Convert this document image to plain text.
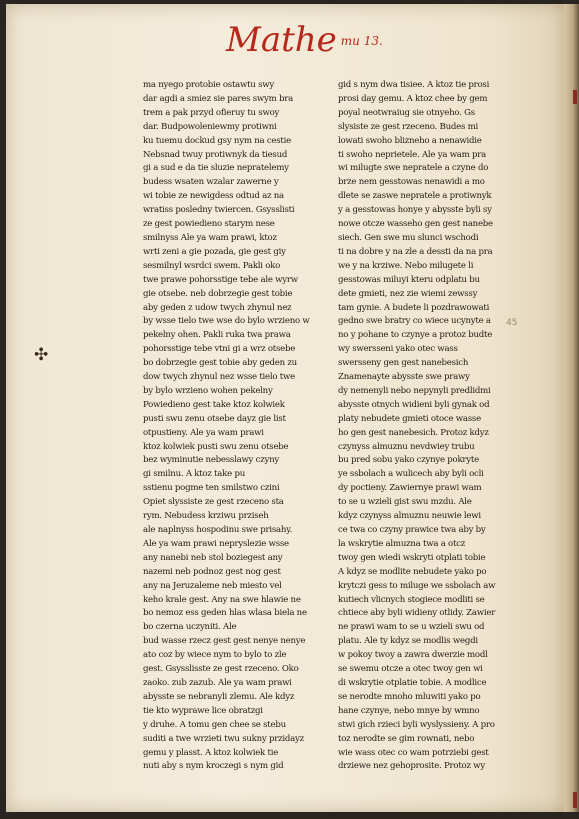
Mathe $^{mu 13.}$
✣
45

ma nyego protobie ostawtu swy

dar agdi a smiez sie pares swym bra

trem a pak przyd ofieruy tu swoy

dar. Budpowoleniewmy protiwni

ku tuemu dockud gsy nym na cestie

Nebsnad twuy protiwnyk da tiesud

gi a sud e da tie sluzie nepratelemy

budess wsaten wzalar zawerne y

wi tobie ze newigdess odtud az na

wratiss posledny twiercen. Gsysslisti

ze gest powiedieno starym nese

smilnyss Ale ya wam prawi, ktoz

wrti zeni a gie pozada, gie gest giy

sesmilnyl wsrdci swem. Pakli oko

twe prawe pohorsstige tebe ale wyrw

gie otsebe. neb dobrzegie gest tobie

aby geden z udow twych zhynul nez

by wsse tielo twe wse do bylo wrzieno w

pekelny ohen. Pakli ruka twa prawa

pohorsstige tebe vtni gi a wrz otsebe

bo dobrzegie gest tobie aby geden zu

dow twych zhynul nez wsse tielo twe

by bylo wrzieno wohen pekelny

Powiedieno gest take ktoz kolwiek

pusti swu zenu otsebe dayz gie list

otpustieny. Ale ya wam prawi

ktoz kolwiek pusti swu zenu otsebe

bez wyminutie nebesslawy czyny

gi smilnu. A ktoz take pu

sstienu pogme ten smilstwo czini

Opiet slyssiste ze gest rzeceno sta

rym. Nebudess krziwu prziseh

ale naplnyss hospodinu swe prisahy.

Ale ya wam prawi nepryslezie wsse

any nanebi neb stol boziegest any

nazemi neb podnoz gest nog gest

any na Jeruzaleme neb miesto vel

keho krale gest. Any na swe hlawie ne

bo nemoz ess geden hlas wlasa biela ne

bo czerna uczyniti. Ale

bud wasse rzecz gest gest nenye nenye

ato coz by wiece nym to bylo to zle

gest. Gsysslisste ze gest rzeceno. Oko

zaoko. zub zazub. Ale ya wam prawi

abysste se nebranyli zlemu. Ale kdyz

tie kto wyprawe lice obratzgi

y druhe. A tomu gen chee se stebu

suditi a twe wrzieti twu sukny przidayz

gemu y plasst. A ktoz kolwiek tie

nuti aby s nym kroczegi s nym gid

gid s nym dwa tisiee. A ktoz tie prosi

prosi day gemu. A ktoz chee by gem

poyal neotwraiug sie otnyeho. Gs

slysiste ze gest rzeceno. Budes mi

lowati swoho blizneho a nenawidie

ti swoho neprietele. Ale ya wam pra

wi milugte swe nepratele a czyne do

brze nem gesstowas nenawidi a mo

dlete se zaswe nepratele a protiwnyk

y a gesstowas honye y abysste byli sy

nowe otcze wasseho gen gest nanebe

siech. Gen swe mu slunci wschodi

ti na dobre y na zle a dessti da na pra

we y na krziwe. Nebo milugete li

gesstowas miluyi kteru odplatu bu

dete gmieti, nez zie wiemi zewssy

tam gynie. A budete li pozdrawowati

gedno swe bratry co wiece ucynyte a

no y pohane to czynye a protoz budte

wy swersseni yako otec wass

swersseny gen gest nanebesich

Znamenayte abysste swe prawy

dy nemenyli nebo nepynyli predlidmi

abysste otnych widieni byli gynak od

platy nebudete gmieti otoce wasse

ho gen gest nanebesich. Protoz kdyz

czynyss almuznu nevdwiey trubu

bu pred sobu yako czynye pokryte

ye ssbolach a wulicech aby byli ocli

dy poctieny. Zawiernye prawi wam

to se u wzieli gist swu mzdu. Ale

kdyz czynyss almuznu neuwie lewi

ce twa co czyny prawice twa aby by

la wskrytie almuzna twa a otcz

twoy gen wiedi wskryti otplati tobie

A kdyz se modlite nebudete yako po

krytczi gess to miluge we ssbolach aw

kutiech vlicnych stogiece modliti se

chtiece aby byli widieny otlidy. Zawier

ne prawi wam to se u wzieli swu od

platu. Ale ty kdyz se modlis wegdi

w pokoy twoy a zawra dwerzie modl

se swemu otcze a otec twoy gen wi

di wskrytie otplatie tobie. A modlice

se nerodte mnoho mluwiti yako po

hane czynye, nebo mnye by wmno

stwi gich rzieci byli wyslyssieny. A pro

toz nerodte se gim rownati, nebo

wie wass otec co wam potrziebi gest

drziewe nez gehoprosite. Protoz wy
